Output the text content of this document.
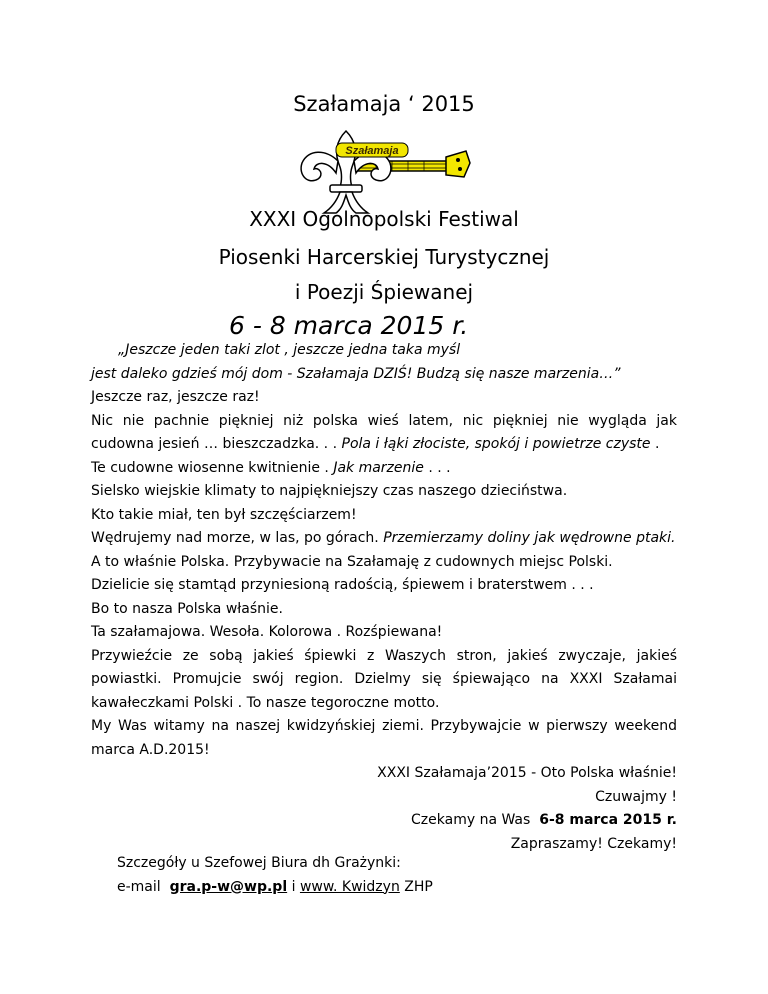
Szałamaja ‘ 2015
Szałamaja
XXXI Ogólnopolski Festiwal
Piosenki Harcerskiej Turystycznej
i Poezji Śpiewanej
6 - 8 marca 2015 r.

„Jeszcze jeden taki zlot , jeszcze jedna taka myśl

jest daleko gdzieś mój dom - Szałamaja DZIŚ! Budzą się nasze marzenia…”

Jeszcze raz, jeszcze raz!

Nic nie pachnie piękniej niż polska wieś latem, nic piękniej nie wygląda jak cudowna jesień … bieszczadzka. . . Pola i łąki złociste, spokój i powietrze czyste .

Te cudowne wiosenne kwitnienie . Jak marzenie . . .

Sielsko wiejskie klimaty to najpiękniejszy czas naszego dzieciństwa.

Kto takie miał, ten był szczęściarzem!

Wędrujemy nad morze, w las, po górach. Przemierzamy doliny jak wędrowne ptaki.

A to właśnie Polska. Przybywacie na Szałamaję z cudownych miejsc Polski.

Dzielicie się stamtąd przyniesioną radością, śpiewem i braterstwem . . .

Bo to nasza Polska właśnie.

Ta szałamajowa. Wesoła. Kolorowa . Rozśpiewana!

Przywieźcie ze sobą jakieś śpiewki z Waszych stron, jakieś zwyczaje, jakieś powiastki. Promujcie swój region. Dzielmy się śpiewająco na XXXI Szałamai kawałeczkami Polski . To nasze tegoroczne motto.

My Was witamy na naszej kwidzyńskiej ziemi. Przybywajcie w pierwszy weekend marca A.D.2015!

XXXI Szałamaja’2015 - Oto Polska właśnie!

Czuwajmy !

Czekamy na Was 6-8 marca 2015 r.

Zapraszamy! Czekamy!

Szczegóły u Szefowej Biura dh Grażynki:
e-mail gra.p-w@wp.pl i www. Kwidzyn ZHP
